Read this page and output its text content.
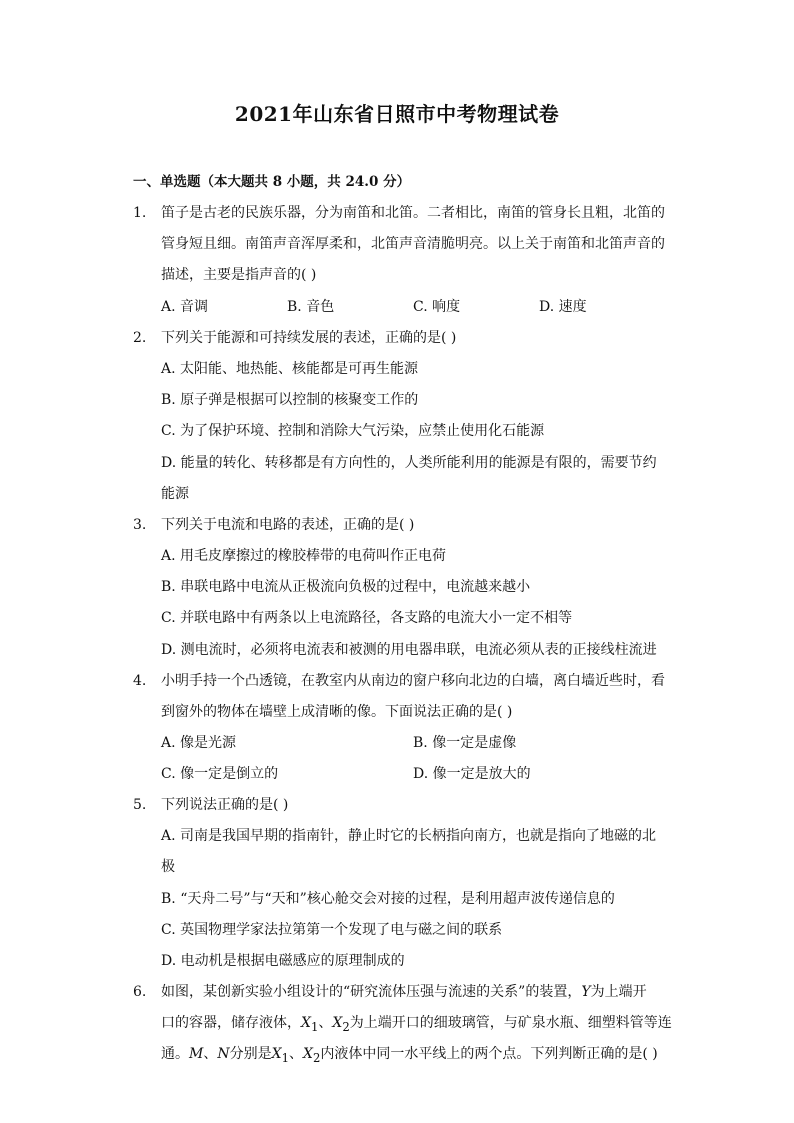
2021年山东省日照市中考物理试卷
一、单选题（本大题共 8 小题，共 24.0 分）
1. 笛子是古老的民族乐器，分为南笛和北笛。二者相比，南笛的管身长且粗，北笛的
管身短且细。南笛声音浑厚柔和，北笛声音清脆明亮。以上关于南笛和北笛声音的
描述，主要是指声音的( )
A. 音调	B. 音色	C. 响度	D. 速度
2. 下列关于能源和可持续发展的表述，正确的是( )
A. 太阳能、地热能、核能都是可再生能源
B. 原子弹是根据可以控制的核聚变工作的
C. 为了保护环境、控制和消除大气污染，应禁止使用化石能源
D. 能量的转化、转移都是有方向性的，人类所能利用的能源是有限的，需要节约
能源
3. 下列关于电流和电路的表述，正确的是( )
A. 用毛皮摩擦过的橡胶棒带的电荷叫作正电荷
B. 串联电路中电流从正极流向负极的过程中，电流越来越小
C. 并联电路中有两条以上电流路径，各支路的电流大小一定不相等
D. 测电流时，必须将电流表和被测的用电器串联，电流必须从表的正接线柱流进
4. 小明手持一个凸透镜，在教室内从南边的窗户移向北边的白墙，离白墙近些时，看
到窗外的物体在墙壁上成清晰的像。下面说法正确的是( )
A. 像是光源	B. 像一定是虚像
C. 像一定是倒立的	D. 像一定是放大的
5. 下列说法正确的是( )
A. 司南是我国早期的指南针，静止时它的长柄指向南方，也就是指向了地磁的北
极
B. “天舟二号”与“天和”核心舱交会对接的过程，是利用超声波传递信息的
C. 英国物理学家法拉第第一个发现了电与磁之间的联系
D. 电动机是根据电磁感应的原理制成的
6. 如图，某创新实验小组设计的“研究流体压强与流速的关系”的装置，Y为上端开
口的容器，储存液体，$X_1$、$X_2$为上端开口的细玻璃管，与矿泉水瓶、细塑料管等连
通。M、N分别是$X_1$、$X_2$内液体中同一水平线上的两个点。下列判断正确的是( )
